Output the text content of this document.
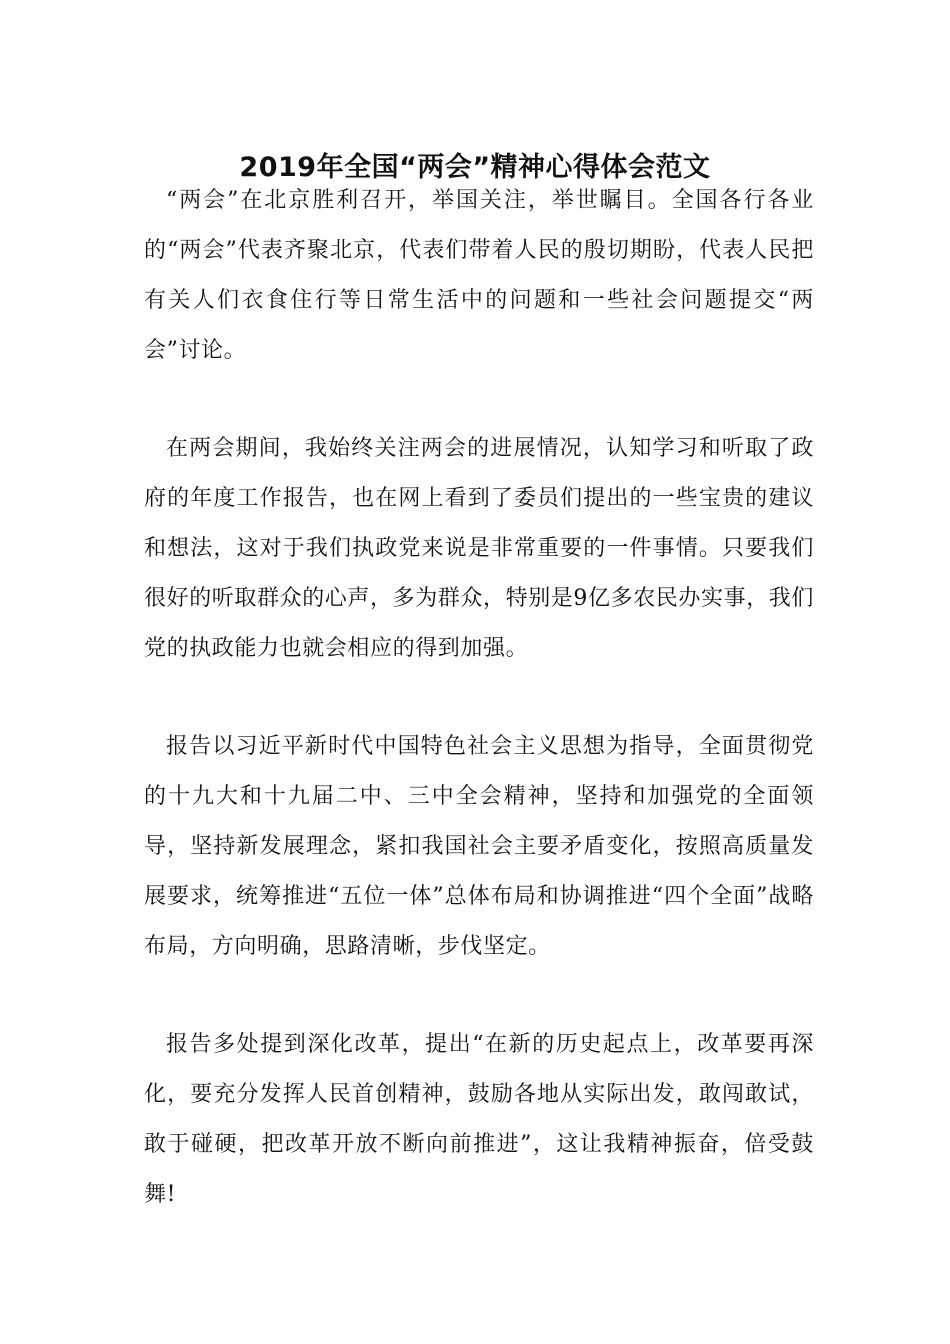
2019年全国“两会”精神心得体会范文

“两会”在北京胜利召开，举国关注，举世瞩目。全国各行各业的“两会”代表齐聚北京，代表们带着人民的殷切期盼，代表人民把有关人们衣食住行等日常生活中的问题和一些社会问题提交“两会”讨论。

在两会期间，我始终关注两会的进展情况，认知学习和听取了政府的年度工作报告，也在网上看到了委员们提出的一些宝贵的建议和想法，这对于我们执政党来说是非常重要的一件事情。只要我们很好的听取群众的心声，多为群众，特别是9亿多农民办实事，我们党的执政能力也就会相应的得到加强。

报告以习近平新时代中国特色社会主义思想为指导，全面贯彻党的十九大和十九届二中、三中全会精神，坚持和加强党的全面领导，坚持新发展理念，紧扣我国社会主要矛盾变化，按照高质量发展要求，统筹推进“五位一体”总体布局和协调推进“四个全面”战略布局，方向明确，思路清晰，步伐坚定。

报告多处提到深化改革，提出“在新的历史起点上，改革要再深化，要充分发挥人民首创精神，鼓励各地从实际出发，敢闯敢试，敢于碰硬，把改革开放不断向前推进”，这让我精神振奋，倍受鼓舞!
